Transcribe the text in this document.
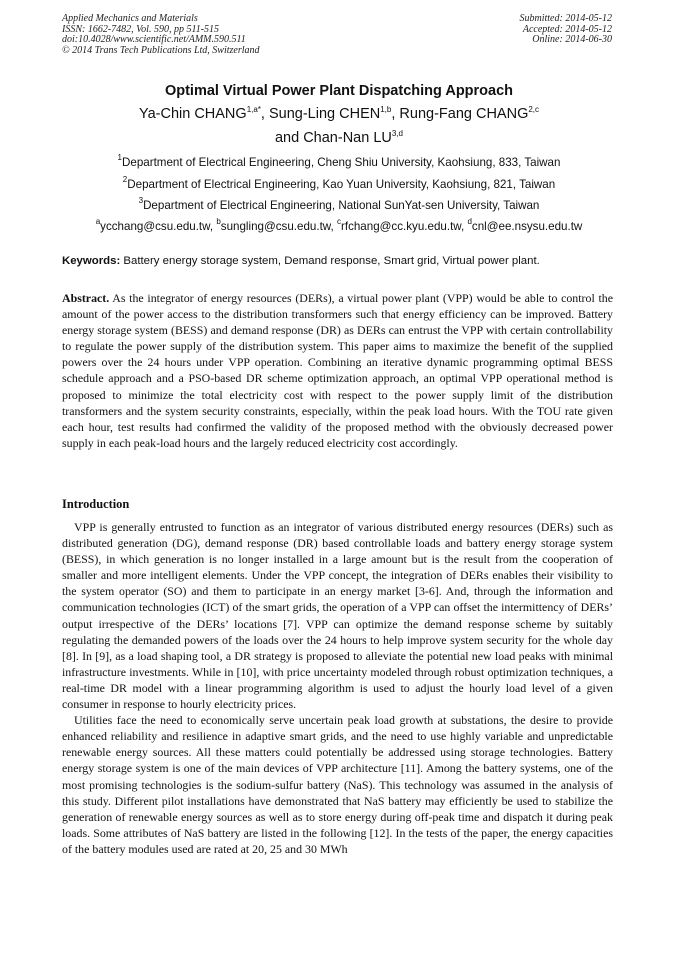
Applied Mechanics and Materials
ISSN: 1662-7482, Vol. 590, pp 511-515
doi:10.4028/www.scientific.net/AMM.590.511
© 2014 Trans Tech Publications Ltd, Switzerland
Submitted: 2014-05-12
Accepted: 2014-05-12
Online: 2014-06-30
Optimal Virtual Power Plant Dispatching Approach
Ya-Chin $CHANG^{1,a*}$, Sung-Ling CHEN$^{1,b}$, Rung-Fang CHANG$^{2,c}$
and Chan-Nan LU$^{3,d}$
$^1$Department of Electrical Engineering, Cheng Shiu University, Kaohsiung, 833, Taiwan
$^2$Department of Electrical Engineering, Kao Yuan University, Kaohsiung, 821, Taiwan
$^3$Department of Electrical Engineering, National SunYat-sen University, Taiwan
$^a$ycchang@csu.edu.tw, $^b$sungling@csu.edu.tw, $^c$rfchang@cc.kyu.edu.tw, $^d$cnl@ee.nsysu.edu.tw
Keywords: Battery energy storage system, Demand response, Smart grid, Virtual power plant.
Abstract. As the integrator of energy resources (DERs), a virtual power plant (VPP) would be able to control the amount of the power access to the distribution transformers such that energy efficiency can be improved. Battery energy storage system (BESS) and demand response (DR) as DERs can entrust the VPP with certain controllability to regulate the power supply of the distribution system. This paper aims to maximize the benefit of the supplied powers over the 24 hours under VPP operation. Combining an iterative dynamic programming optimal BESS schedule approach and a PSO-based DR scheme optimization approach, an optimal VPP operational method is proposed to minimize the total electricity cost with respect to the power supply limit of the distribution transformers and the system security constraints, especially, within the peak load hours. With the TOU rate given each hour, test results had confirmed the validity of the proposed method with the obviously decreased power supply in each peak-load hours and the largely reduced electricity cost accordingly.
Introduction

VPP is generally entrusted to function as an integrator of various distributed energy resources (DERs) such as distributed generation (DG), demand response (DR) based controllable loads and battery energy storage system (BESS), in which generation is no longer installed in a large amount but is the result from the cooperation of smaller and more intelligent elements. Under the VPP concept, the integration of DERs enables their visibility to the system operator (SO) and them to participate in an energy market [3-6]. And, through the information and communication technologies (ICT) of the smart grids, the operation of a VPP can offset the intermittency of DERs’ output irrespective of the DERs’ locations [7]. VPP can optimize the demand response scheme by suitably regulating the demanded powers of the loads over the 24 hours to help improve system security for the whole day [8]. In [9], as a load shaping tool, a DR strategy is proposed to alleviate the potential new load peaks with minimal infrastructure investments. While in [10], with price uncertainty modeled through robust optimization techniques, a real-time DR model with a linear programming algorithm is used to adjust the hourly load level of a given consumer in response to hourly electricity prices.

Utilities face the need to economically serve uncertain peak load growth at substations, the desire to provide enhanced reliability and resilience in adaptive smart grids, and the need to use highly variable and unpredictable renewable energy sources. All these matters could potentially be addressed using storage technologies. Battery energy storage system is one of the main devices of VPP architecture [11]. Among the battery systems, one of the most promising technologies is the sodium-sulfur battery (NaS). This technology was assumed in the analysis of this study. Different pilot installations have demonstrated that NaS battery may efficiently be used to stabilize the generation of renewable energy sources as well as to store energy during off-peak time and dispatch it during peak loads. Some attributes of NaS battery are listed in the following [12]. In the tests of the paper, the energy capacities of the battery modules used are rated at 20, 25 and 30 MWh
